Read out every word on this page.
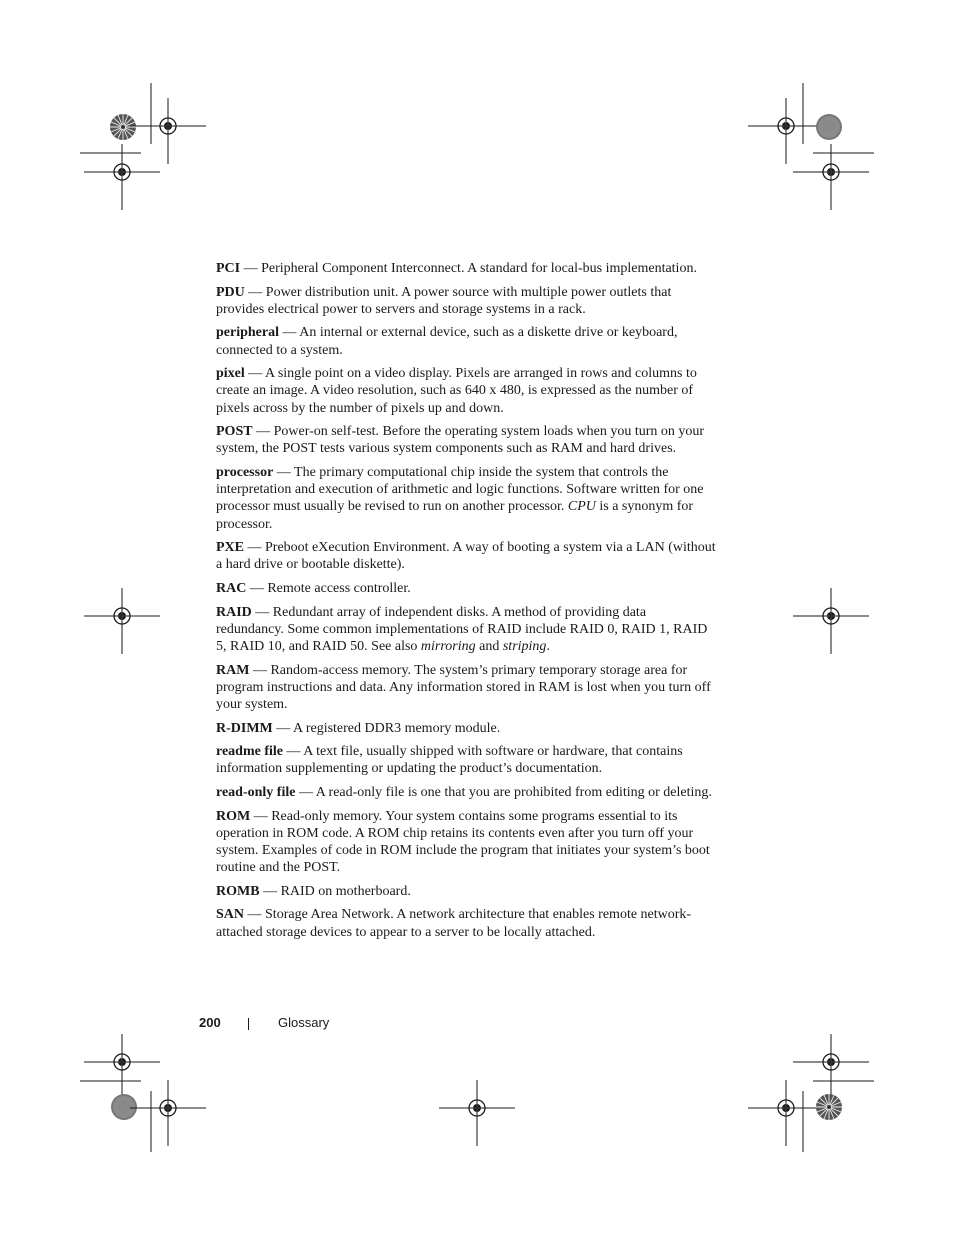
PCI — Peripheral Component Interconnect. A standard for local-bus implementation.

PDU — Power distribution unit. A power source with multiple power outlets that provides electrical power to servers and storage systems in a rack.

peripheral — An internal or external device, such as a diskette drive or keyboard, connected to a system.

pixel — A single point on a video display. Pixels are arranged in rows and columns to create an image. A video resolution, such as 640 x 480, is expressed as the number of pixels across by the number of pixels up and down.

POST — Power-on self-test. Before the operating system loads when you turn on your system, the POST tests various system components such as RAM and hard drives.

processor — The primary computational chip inside the system that controls the interpretation and execution of arithmetic and logic functions. Software written for one processor must usually be revised to run on another processor. CPU is a synonym for processor.

PXE — Preboot eXecution Environment. A way of booting a system via a LAN (without a hard drive or bootable diskette).

RAC — Remote access controller.

RAID — Redundant array of independent disks. A method of providing data redundancy. Some common implementations of RAID include RAID 0, RAID 1, RAID 5, RAID 10, and RAID 50. See also mirroring and striping.

RAM — Random-access memory. The system’s primary temporary storage area for program instructions and data. Any information stored in RAM is lost when you turn off your system.

R-DIMM — A registered DDR3 memory module.

readme file — A text file, usually shipped with software or hardware, that contains information supplementing or updating the product’s documentation.

read-only file — A read-only file is one that you are prohibited from editing or deleting.

ROM — Read-only memory. Your system contains some programs essential to its operation in ROM code. A ROM chip retains its contents even after you turn off your system. Examples of code in ROM include the program that initiates your system’s boot routine and the POST.

ROMB — RAID on motherboard.

SAN — Storage Area Network. A network architecture that enables remote network-attached storage devices to appear to a server to be locally attached.

200	Glossary
